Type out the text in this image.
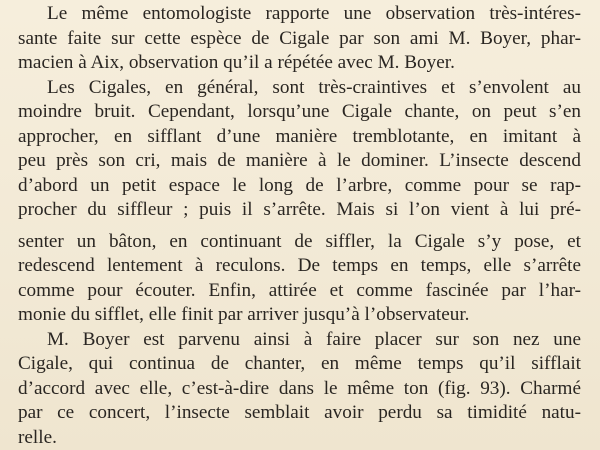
Le même entomologiste rapporte une observation très-intéres-
sante faite sur cette espèce de Cigale par son ami M. Boyer, phar-
macien à Aix, observation qu’il a répétée avec M. Boyer.
Les Cigales, en général, sont très-craintives et s’envolent au
moindre bruit. Cependant, lorsqu’une Cigale chante, on peut s’en
approcher, en sifflant d’une manière tremblotante, en imitant à
peu près son cri, mais de manière à le dominer. L’insecte descend
d’abord un petit espace le long de l’arbre, comme pour se rap-
procher du siffleur ; puis il s’arrête. Mais si l’on vient à lui pré-
senter un bâton, en continuant de siffler, la Cigale s’y pose, et
redescend lentement à reculons. De temps en temps, elle s’arrête
comme pour écouter. Enfin, attirée et comme fascinée par l’har-
monie du sifflet, elle finit par arriver jusqu’à l’observateur.
M. Boyer est parvenu ainsi à faire placer sur son nez une
Cigale, qui continua de chanter, en même temps qu’il sifflait
d’accord avec elle, c’est-à-dire dans le même ton (fig. 93). Charmé
par ce concert, l’insecte semblait avoir perdu sa timidité natu-
relle.
